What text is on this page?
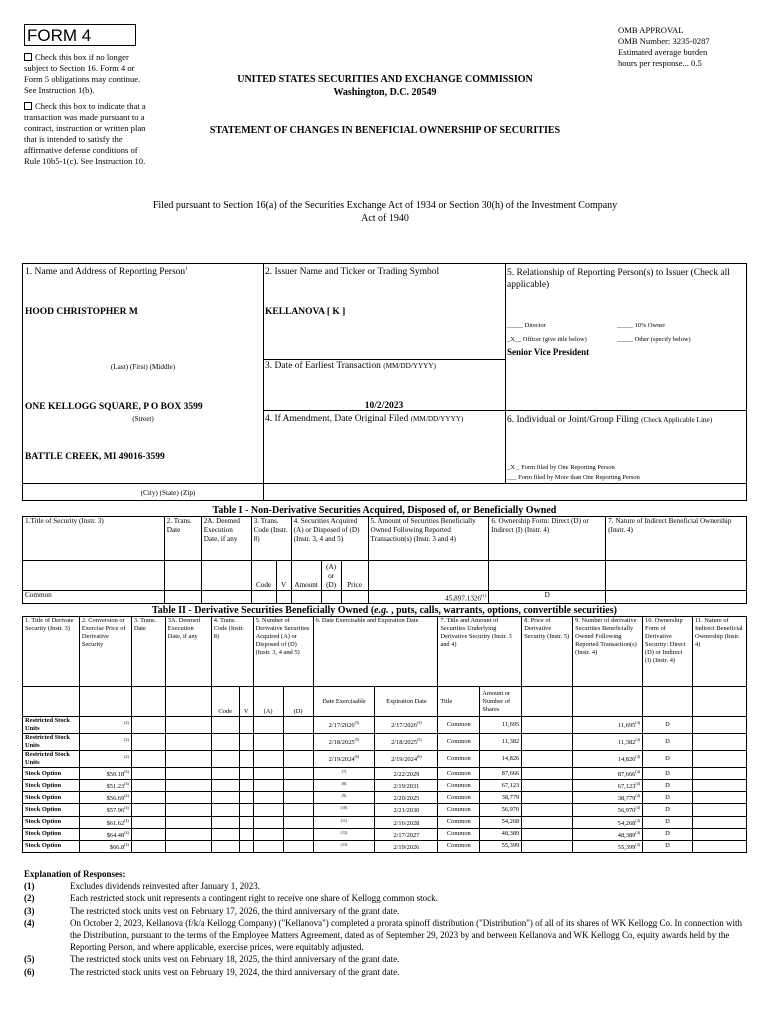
FORM 4
Check this box if no longer subject to Section 16. Form 4 or Form 5 obligations may continue. See Instruction 1(b).
Check this box to indicate that a transaction was made pursuant to a contract, instruction or written plan that is intended to satisfy the affirmative defense conditions of Rule 10b5-1(c). See Instruction 10.
OMB APPROVAL
OMB Number: 3235-0287
Estimated average burden
hours per response... 0.5
UNITED STATES SECURITIES AND EXCHANGE COMMISSION
Washington, D.C. 20549
STATEMENT OF CHANGES IN BENEFICIAL OWNERSHIP OF SECURITIES
Filed pursuant to Section 16(a) of the Securities Exchange Act of 1934 or Section 30(h) of the Investment Company Act of 1940
1. Name and Address of Reporting Person$^1$
HOOD CHRISTOPHER M
(Last) (First) (Middle)
ONE KELLOGG SQUARE, P O BOX 3599
(Street)
BATTLE CREEK, MI 49016-3599
(City) (State) (Zip)
2. Issuer Name and Ticker or Trading Symbol
KELLANOVA [ K ]
3. Date of Earliest Transaction (MM/DD/YYYY)
10/2/2023
4. If Amendment, Date Original Filed (MM/DD/YYYY)
5. Relationship of Reporting Person(s) to Issuer (Check all applicable)
_____ Director	_____ 10% Owner
_X__ Officer (give title below)	_____ Other (specify below)
Senior Vice President
6. Individual or Joint/Group Filing (Check Applicable Line)
_X _ Form filed by One Reporting Person
___ Form filed by More than One Reporting Person
Table I - Non-Derivative Securities Acquired, Disposed of, or Beneficially Owned
1.Title of Security (Instr. 3)	2. Trans. Date	2A. Deemed Execution Date, if any	3. Trans. Code (Instr. 8)		4. Securities Acquired (A) or Disposed of (D) (Instr. 3, 4 and 5)			5. Amount of Securities Beneficially Owned Following Reported Transaction(s) (Instr. 3 and 4)	6. Ownership Form: Direct (D) or Indirect (I) (Instr. 4)	7. Nature of Indirect Beneficial Ownership (Instr. 4)
			Code	V	Amount	(A) or (D)	Price			
Common								45,897.1326$^{(1)}$	D	
Table II - Derivative Securities Beneficially Owned (e.g. , puts, calls, warrants, options, convertible securities)
1. Title of Derivate Security (Instr. 3)	2. Conversion or Exercise Price of Derivative Security	3. Trans. Date	3A. Deemed Execution Date, if any	4. Trans. Code (Instr. 8)		5. Number of Derivative Securities Acquired (A) or Disposed of (D) (Instr. 3, 4 and 5)		6. Date Exercisable and Expiration Date		7. Title and Amount of Securities Underlying Derivative Security (Instr. 3 and 4)		8. Price of Derivative Security (Instr. 5)	9. Number of derivative Securities Beneficially Owned Following Reported Transaction(s) (Instr. 4)	10. Ownership Form of Derivative Security: Direct (D) or Indirect (I) (Instr. 4)	11. Nature of Indirect Beneficial Ownership (Instr. 4)
				Code	V	(A)	(D)	Date Exercisable	Expiration Date	Title	Amount or Number of Shares				
Restricted Stock Units	$^{(2)}$							2/17/2026$^{(3)}$	2/17/2026$^{(3)}$	Common	11,695		11,695$^{(4)}$	D	
Restricted Stock Units	$^{(2)}$							2/18/2025$^{(5)}$	2/18/2025$^{(5)}$	Common	11,382		11,382$^{(4)}$	D	
Restricted Stock Units	$^{(2)}$							2/19/2024$^{(6)}$	2/19/2024$^{(6)}$	Common	14,826		14,826$^{(4)}$	D	
Stock Option	$50.18$^{(4)}$							$^{(7)}$	2/22/2029	Common	87,666		87,666$^{(4)}$	D	
Stock Option	$51.23$^{(4)}$							$^{(8)}$	2/19/2031	Common	67,123		67,123$^{(4)}$	D	
Stock Option	$56.69$^{(4)}$							$^{(9)}$	2/20/2025	Common	38,779		38,779$^{(4)}$	D	
Stock Option	$57.96$^{(4)}$							$^{(10)}$	2/21/2030	Common	56,970		56,970$^{(4)}$	D	
Stock Option	$61.62$^{(4)}$							$^{(11)}$	2/16/2028	Common	54,268		54,268$^{(4)}$	D	
Stock Option	$64.48$^{(4)}$							$^{(12)}$	2/17/2027	Common	48,389		48,389$^{(4)}$	D	
Stock Option	$66.8$^{(4)}$							$^{(13)}$	2/19/2026	Common	55,399		55,399$^{(4)}$	D	
Explanation of Responses:
(1)	Excludes dividends reinvested after January 1, 2023.
(2)	Each restricted stock unit represents a contingent right to receive one share of Kellogg common stock.
(3)	The restricted stock units vest on February 17, 2026, the third anniversary of the grant date.
(4)	On October 2, 2023, Kellanova (f/k/a Kellogg Company) ("Kellanova") completed a prorata spinoff distribution ("Distribution") of all of its shares of WK Kellogg Co. In connection with the Distribution, pursuant to the terms of the Employee Matters Agreement, dated as of September 29, 2023 by and between Kellanova and WK Kellogg Co, equity awards held by the Reporting Person, and where applicable, exercise prices, were equitably adjusted.
(5)	The restricted stock units vest on February 18, 2025, the third anniversary of the grant date.
(6)	The restricted stock units vest on February 19, 2024, the third anniversary of the grant date.
